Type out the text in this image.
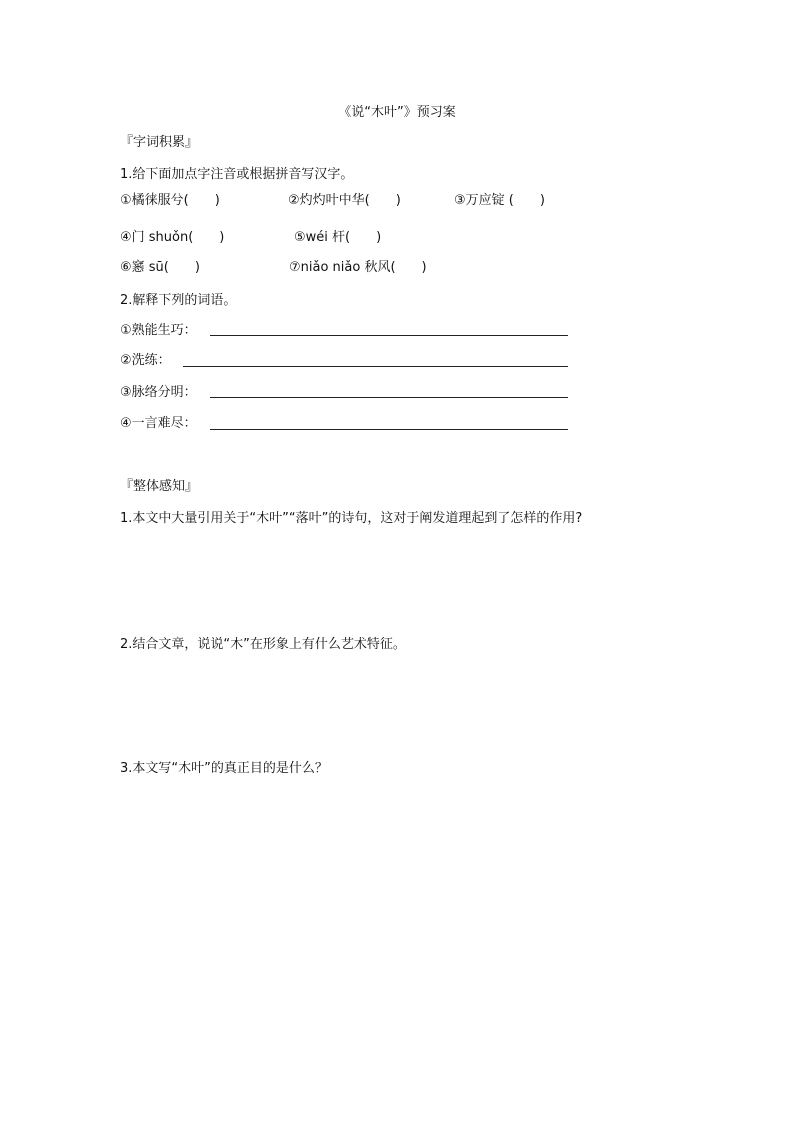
《说“木叶”》预习案
『字词积累』
1.给下面加点字注音或根据拼音写汉字。
①橘徕服兮(　　)	②灼灼叶中华(　　)	③万应锭 (　　)
④门 shuǒn(　　)	⑤wéi 杆(　　)
⑥窸 sū(　　)	⑦niǎo niǎo 秋风(　　)
2.解释下列的词语。
①熟能生巧：
②洗练：
③脉络分明：
④一言难尽：
『整体感知』
1.本文中大量引用关于“木叶”“落叶”的诗句，这对于阐发道理起到了怎样的作用?
2.结合文章，说说“木”在形象上有什么艺术特征。
3.本文写“木叶”的真正目的是什么？
